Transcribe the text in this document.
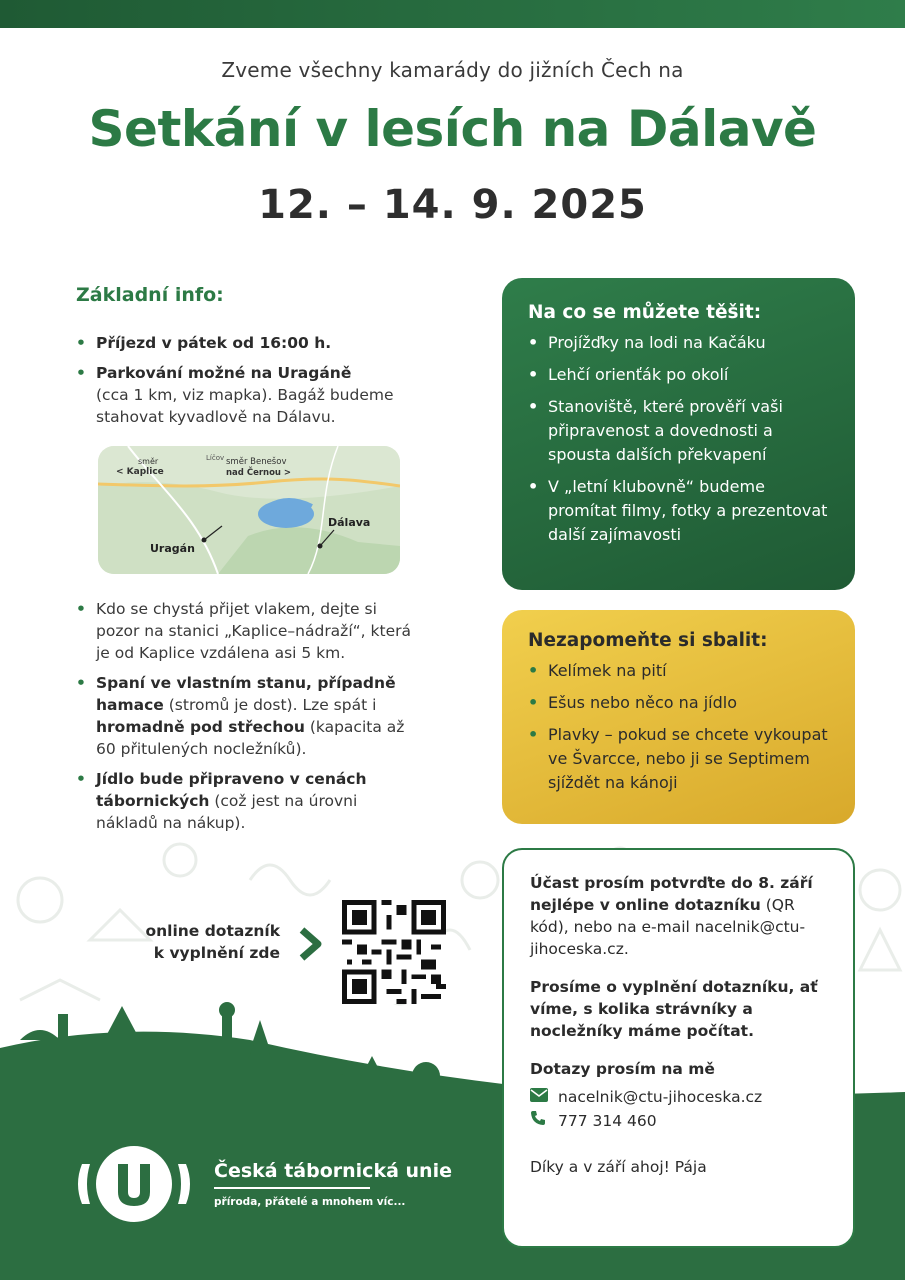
Zveme všechny kamarády do jižních Čech na
Setkání v lesích na Dálavě
12. – 14. 9. 2025
Základní info:
• Příjezd v pátek od 16:00 h.
• Parkování možné na Uragáně
(cca 1 km, viz mapka). Bagáž budeme stahovat kyvadlově na Dálavu.
směr
< Kaplice
Líčov směr Benešov
nad Černou >
Uragán
Dálava
• Kdo se chystá přijet vlakem, dejte si pozor na stanici „Kaplice–nádraží“, která je od Kaplice vzdálena asi 5 km.
• Spaní ve vlastním stanu, případně hamace (stromů je dost). Lze spát i hromadně pod střechou (kapacita až 60 přitulených nocležníků).
• Jídlo bude připraveno v cenách tábornických (což jest na úrovni nákladů na nákup).
Na co se můžete těšit:
• Projížďky na lodi na Kačáku
• Lehčí orienťák po okolí
• Stanoviště, které prověří vaši připravenost a dovednosti a spousta dalších překvapení
• V „letní klubovně“ budeme promítat filmy, fotky a prezentovat další zajímavosti
Nezapomeňte si sbalit:
• Kelímek na pití
• Ešus nebo něco na jídlo
• Plavky – pokud se chcete vykoupat ve Švarcce, nebo ji se Septimem sjíždět na kánoji
online dotazník
k vyplnění zde

Účast prosím potvrďte do 8. září nejlépe v online dotazníku (QR kód), nebo na e-mail nacelnik@ctu-jihoceska.cz.

Prosíme o vyplnění dotazníku, ať víme, s kolika strávníky a nocležníky máme počítat.

Dotazy prosím na mě
nacelnik@ctu-jihoceska.cz
777 314 460
Díky a v září ahoj! Pája
Česká tábornická unie
příroda, přátelé a mnohem víc...
